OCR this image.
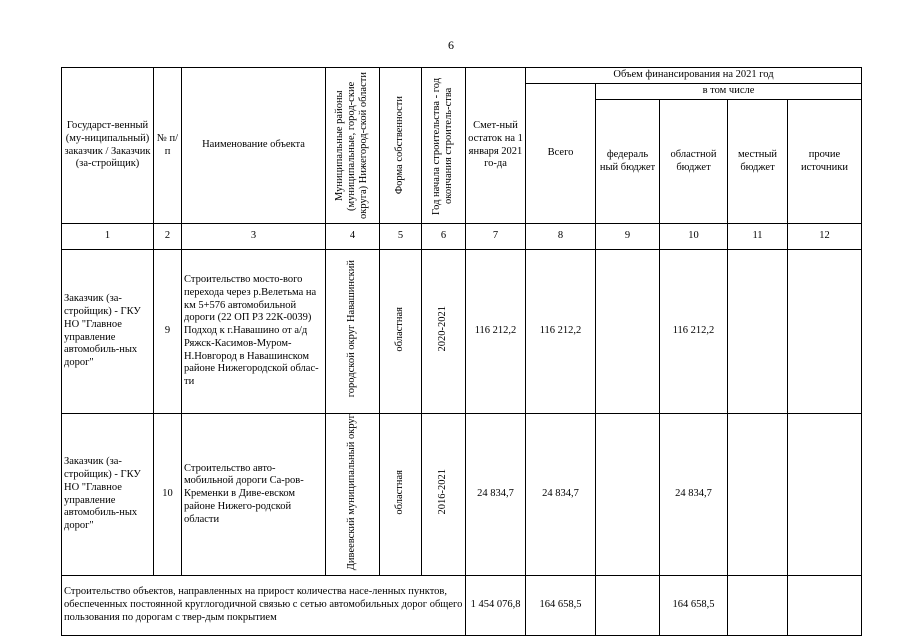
6
Государст-венный (му-ниципальный) заказчик / Заказчик (за-стройщик)	№ п/п	Наименование объекта	Муниципальные районы (муниципальные, город-ские округа) Нижегород-ской области	Форма собственности	Год начала строительства - год окончания строитель-ства	Смет-ный остаток на 1 января 2021 го-да	Объем финансирования на 2021 год				
							Всего	в том числе			
								федераль ный бюджет	областной бюджет	местный бюджет	прочие источники
1	2	3	4	5	6	7	8	9	10	11	12
Заказчик (за-стройщик) - ГКУ НО "Главное управление автомобиль-ных дорог"	9	Строительство мосто-вого перехода через р.Велетьма на км 5+576 автомобильной дороги (22 ОП РЗ 22К-0039) Подход к г.Навашино от а/д Ряжск-Касимов-Муром-Н.Новгород в Навашинском районе Нижегородской облас-ти	городской округ Навашинский	областная	2020-2021	116 212,2	116 212,2		116 212,2		
Заказчик (за-стройщик) - ГКУ НО "Главное управление автомобиль-ных дорог"	10	Строительство авто-мобильной дороги Са-ров-Кременки в Диве-евском районе Нижего-родской области	Дивеевский муниципальный округ	областная	2016-2021	24 834,7	24 834,7		24 834,7		
Строительство объектов, направленных на прирост количества насе-ленных пунктов, обеспеченных постоянной круглогодичной связью с сетью автомобильных дорог общего пользования по дорогам с твер-дым покрытием						1 454 076,8	164 658,5		164 658,5		
